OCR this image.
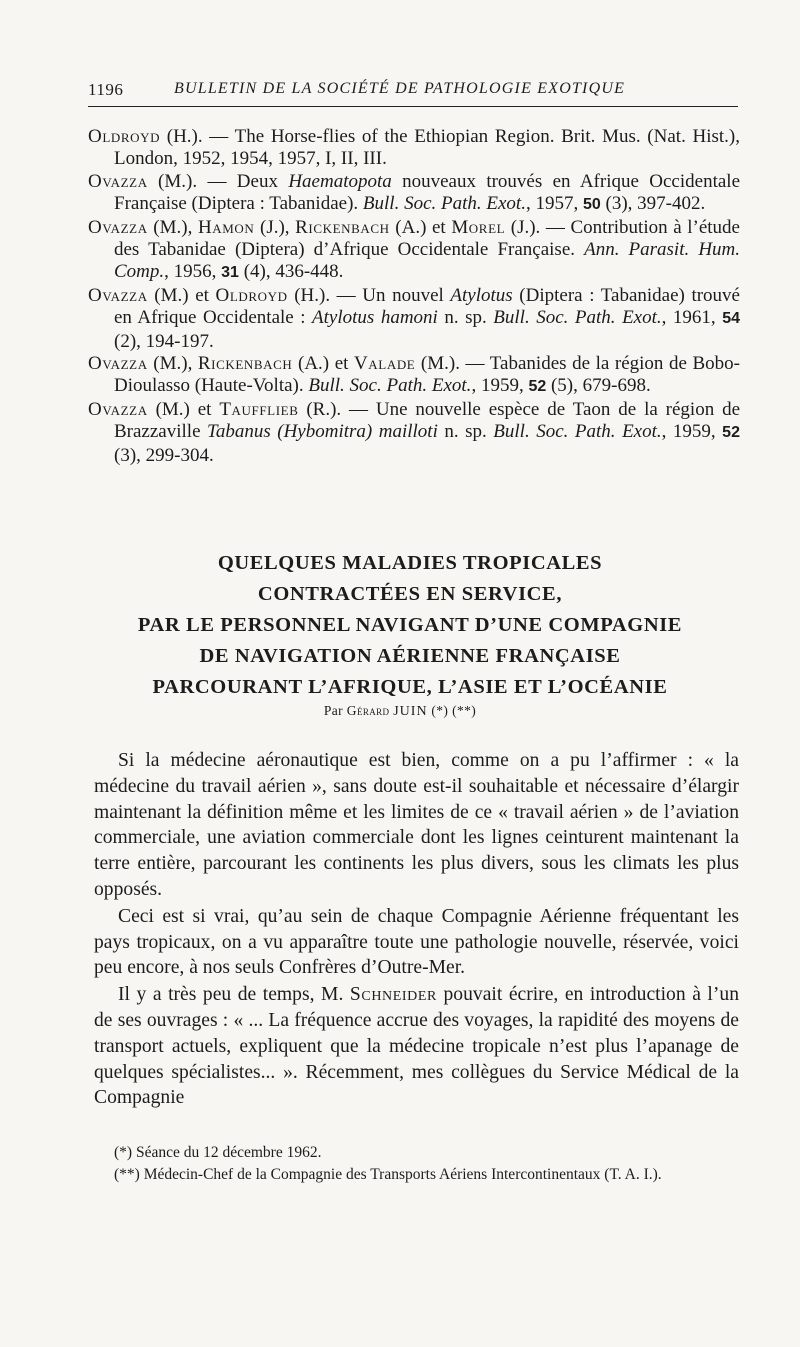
1196	BULLETIN DE LA SOCIÉTÉ DE PATHOLOGIE EXOTIQUE
Oldroyd (H.). — The Horse-flies of the Ethiopian Region. Brit. Mus. (Nat. Hist.), London, 1952, 1954, 1957, I, II, III.
Ovazza (M.). — Deux Haematopota nouveaux trouvés en Afrique Occidentale Française (Diptera : Tabanidae). Bull. Soc. Path. Exot., 1957, 50 (3), 397-402.
Ovazza (M.), Hamon (J.), Rickenbach (A.) et Morel (J.). — Contribution à l’étude des Tabanidae (Diptera) d’Afrique Occidentale Française. Ann. Parasit. Hum. Comp., 1956, 31 (4), 436-448.
Ovazza (M.) et Oldroyd (H.). — Un nouvel Atylotus (Diptera : Tabanidae) trouvé en Afrique Occidentale : Atylotus hamoni n. sp. Bull. Soc. Path. Exot., 1961, 54 (2), 194-197.
Ovazza (M.), Rickenbach (A.) et Valade (M.). — Tabanides de la région de Bobo-Dioulasso (Haute-Volta). Bull. Soc. Path. Exot., 1959, 52 (5), 679-698.
Ovazza (M.) et Taufflieb (R.). — Une nouvelle espèce de Taon de la région de Brazzaville Tabanus (Hybomitra) mailloti n. sp. Bull. Soc. Path. Exot., 1959, 52 (3), 299-304.
QUELQUES MALADIES TROPICALES
CONTRACTÉES EN SERVICE,
PAR LE PERSONNEL NAVIGANT D’UNE COMPAGNIE
DE NAVIGATION AÉRIENNE FRANÇAISE
PARCOURANT L’AFRIQUE, L’ASIE ET L’OCÉANIE
Par Gérard JUIN (*) (**)

Si la médecine aéronautique est bien, comme on a pu l’affirmer : « la médecine du travail aérien », sans doute est-il souhaitable et nécessaire d’élargir maintenant la définition même et les limites de ce « travail aérien » de l’aviation commerciale, une aviation commerciale dont les lignes ceinturent maintenant la terre entière, parcourant les continents les plus divers, sous les climats les plus opposés.

Ceci est si vrai, qu’au sein de chaque Compagnie Aérienne fréquentant les pays tropicaux, on a vu apparaître toute une pathologie nouvelle, réservée, voici peu encore, à nos seuls Confrères d’Outre-Mer.

Il y a très peu de temps, M. Schneider pouvait écrire, en introduction à l’un de ses ouvrages : « ... La fréquence accrue des voyages, la rapidité des moyens de transport actuels, expliquent que la médecine tropicale n’est plus l’apanage de quelques spécialistes... ». Récemment, mes collègues du Service Médical de la Compagnie

(*) Séance du 12 décembre 1962.

(**) Médecin-Chef de la Compagnie des Transports Aériens Intercontinentaux (T. A. I.).
